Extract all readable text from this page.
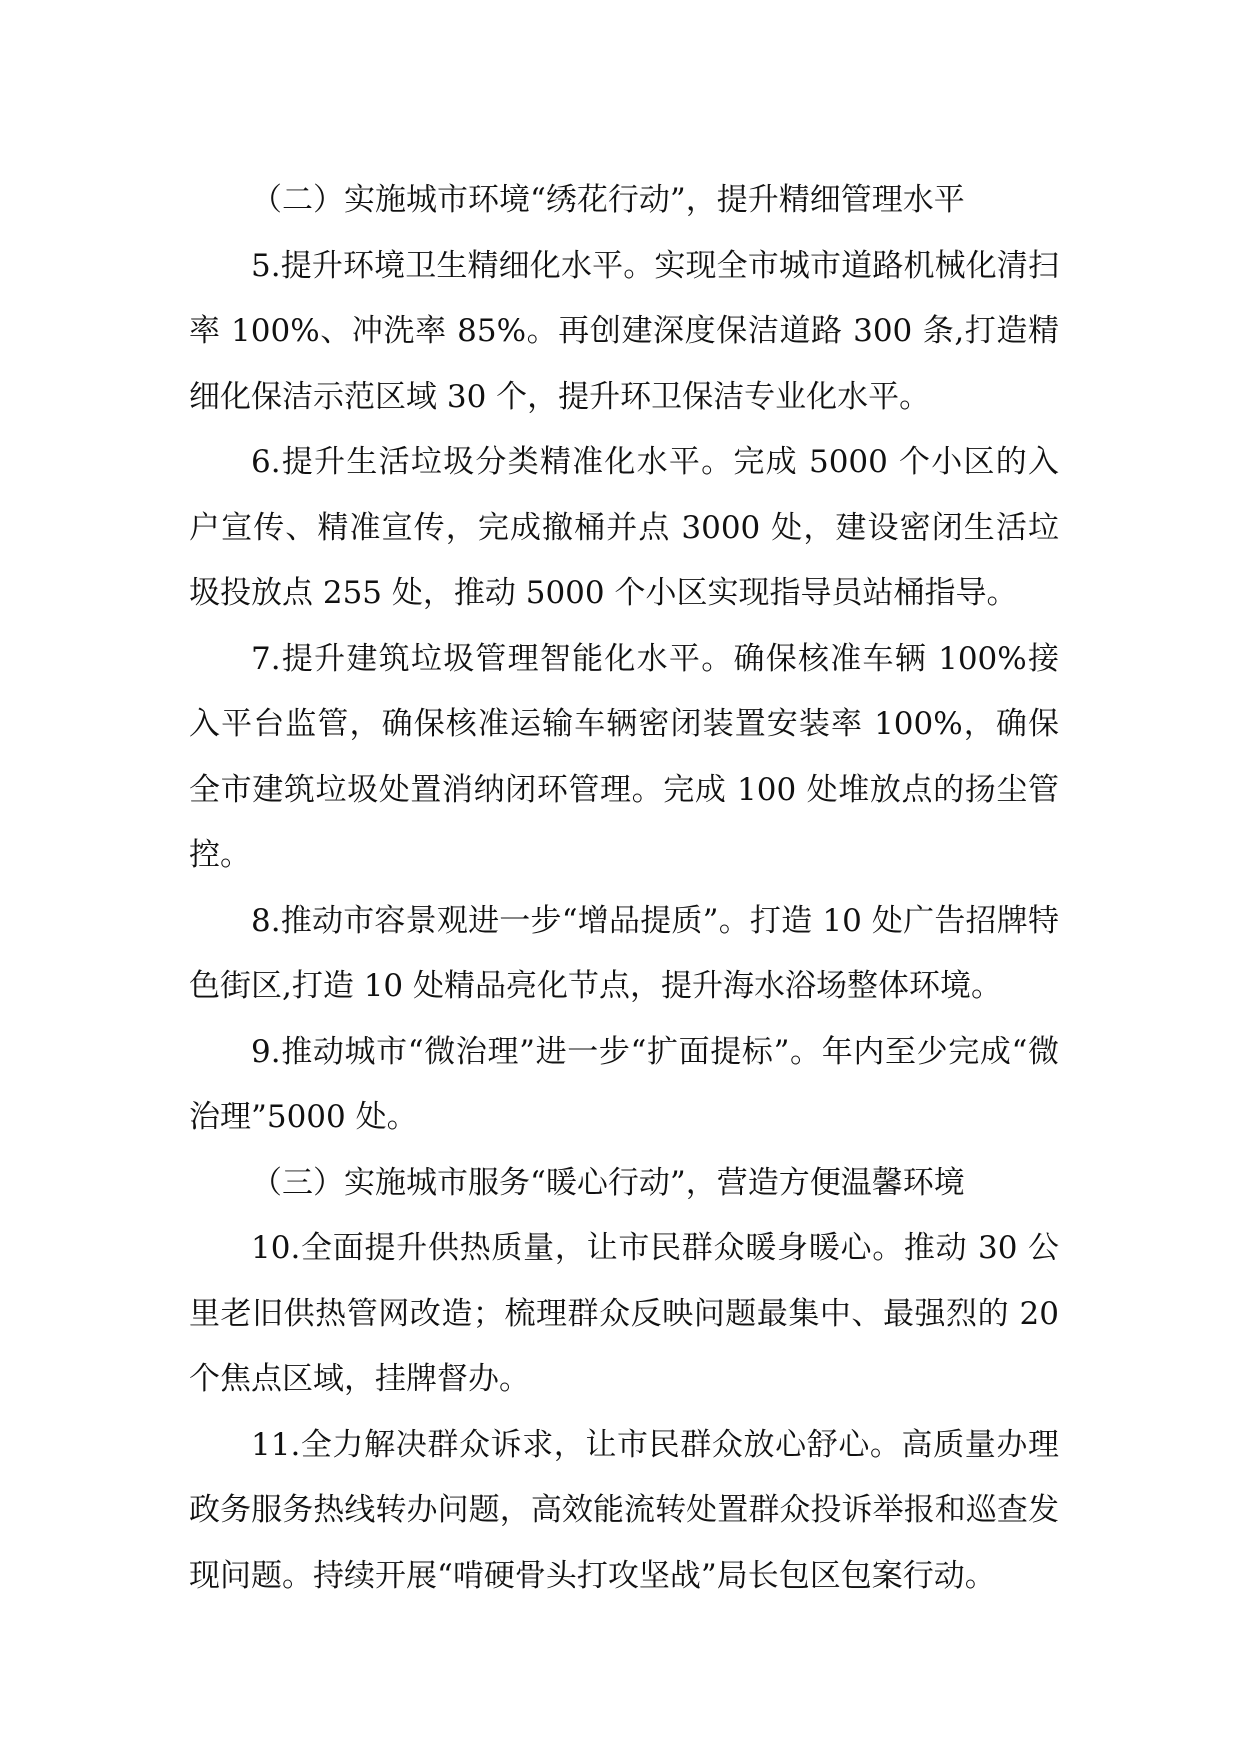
（二）实施城市环境“绣花行动”，提升精细管理水平

5.提升环境卫生精细化水平。实现全市城市道路机械化清扫率 100%、冲洗率 85%。再创建深度保洁道路 300 条,打造精细化保洁示范区域 30 个，提升环卫保洁专业化水平。

6.提升生活垃圾分类精准化水平。完成 5000 个小区的入户宣传、精准宣传，完成撤桶并点 3000 处，建设密闭生活垃圾投放点 255 处，推动 5000 个小区实现指导员站桶指导。

7.提升建筑垃圾管理智能化水平。确保核准车辆 100%接入平台监管，确保核准运输车辆密闭装置安装率 100%，确保全市建筑垃圾处置消纳闭环管理。完成 100 处堆放点的扬尘管控。

8.推动市容景观进一步“增品提质”。打造 10 处广告招牌特色街区,打造 10 处精品亮化节点，提升海水浴场整体环境。

9.推动城市“微治理”进一步“扩面提标”。年内至少完成“微治理”5000 处。

（三）实施城市服务“暖心行动”，营造方便温馨环境

10.全面提升供热质量，让市民群众暖身暖心。推动 30 公里老旧供热管网改造；梳理群众反映问题最集中、最强烈的 20 个焦点区域，挂牌督办。

11.全力解决群众诉求，让市民群众放心舒心。高质量办理政务服务热线转办问题，高效能流转处置群众投诉举报和巡查发现问题。持续开展“啃硬骨头打攻坚战”局长包区包案行动。
